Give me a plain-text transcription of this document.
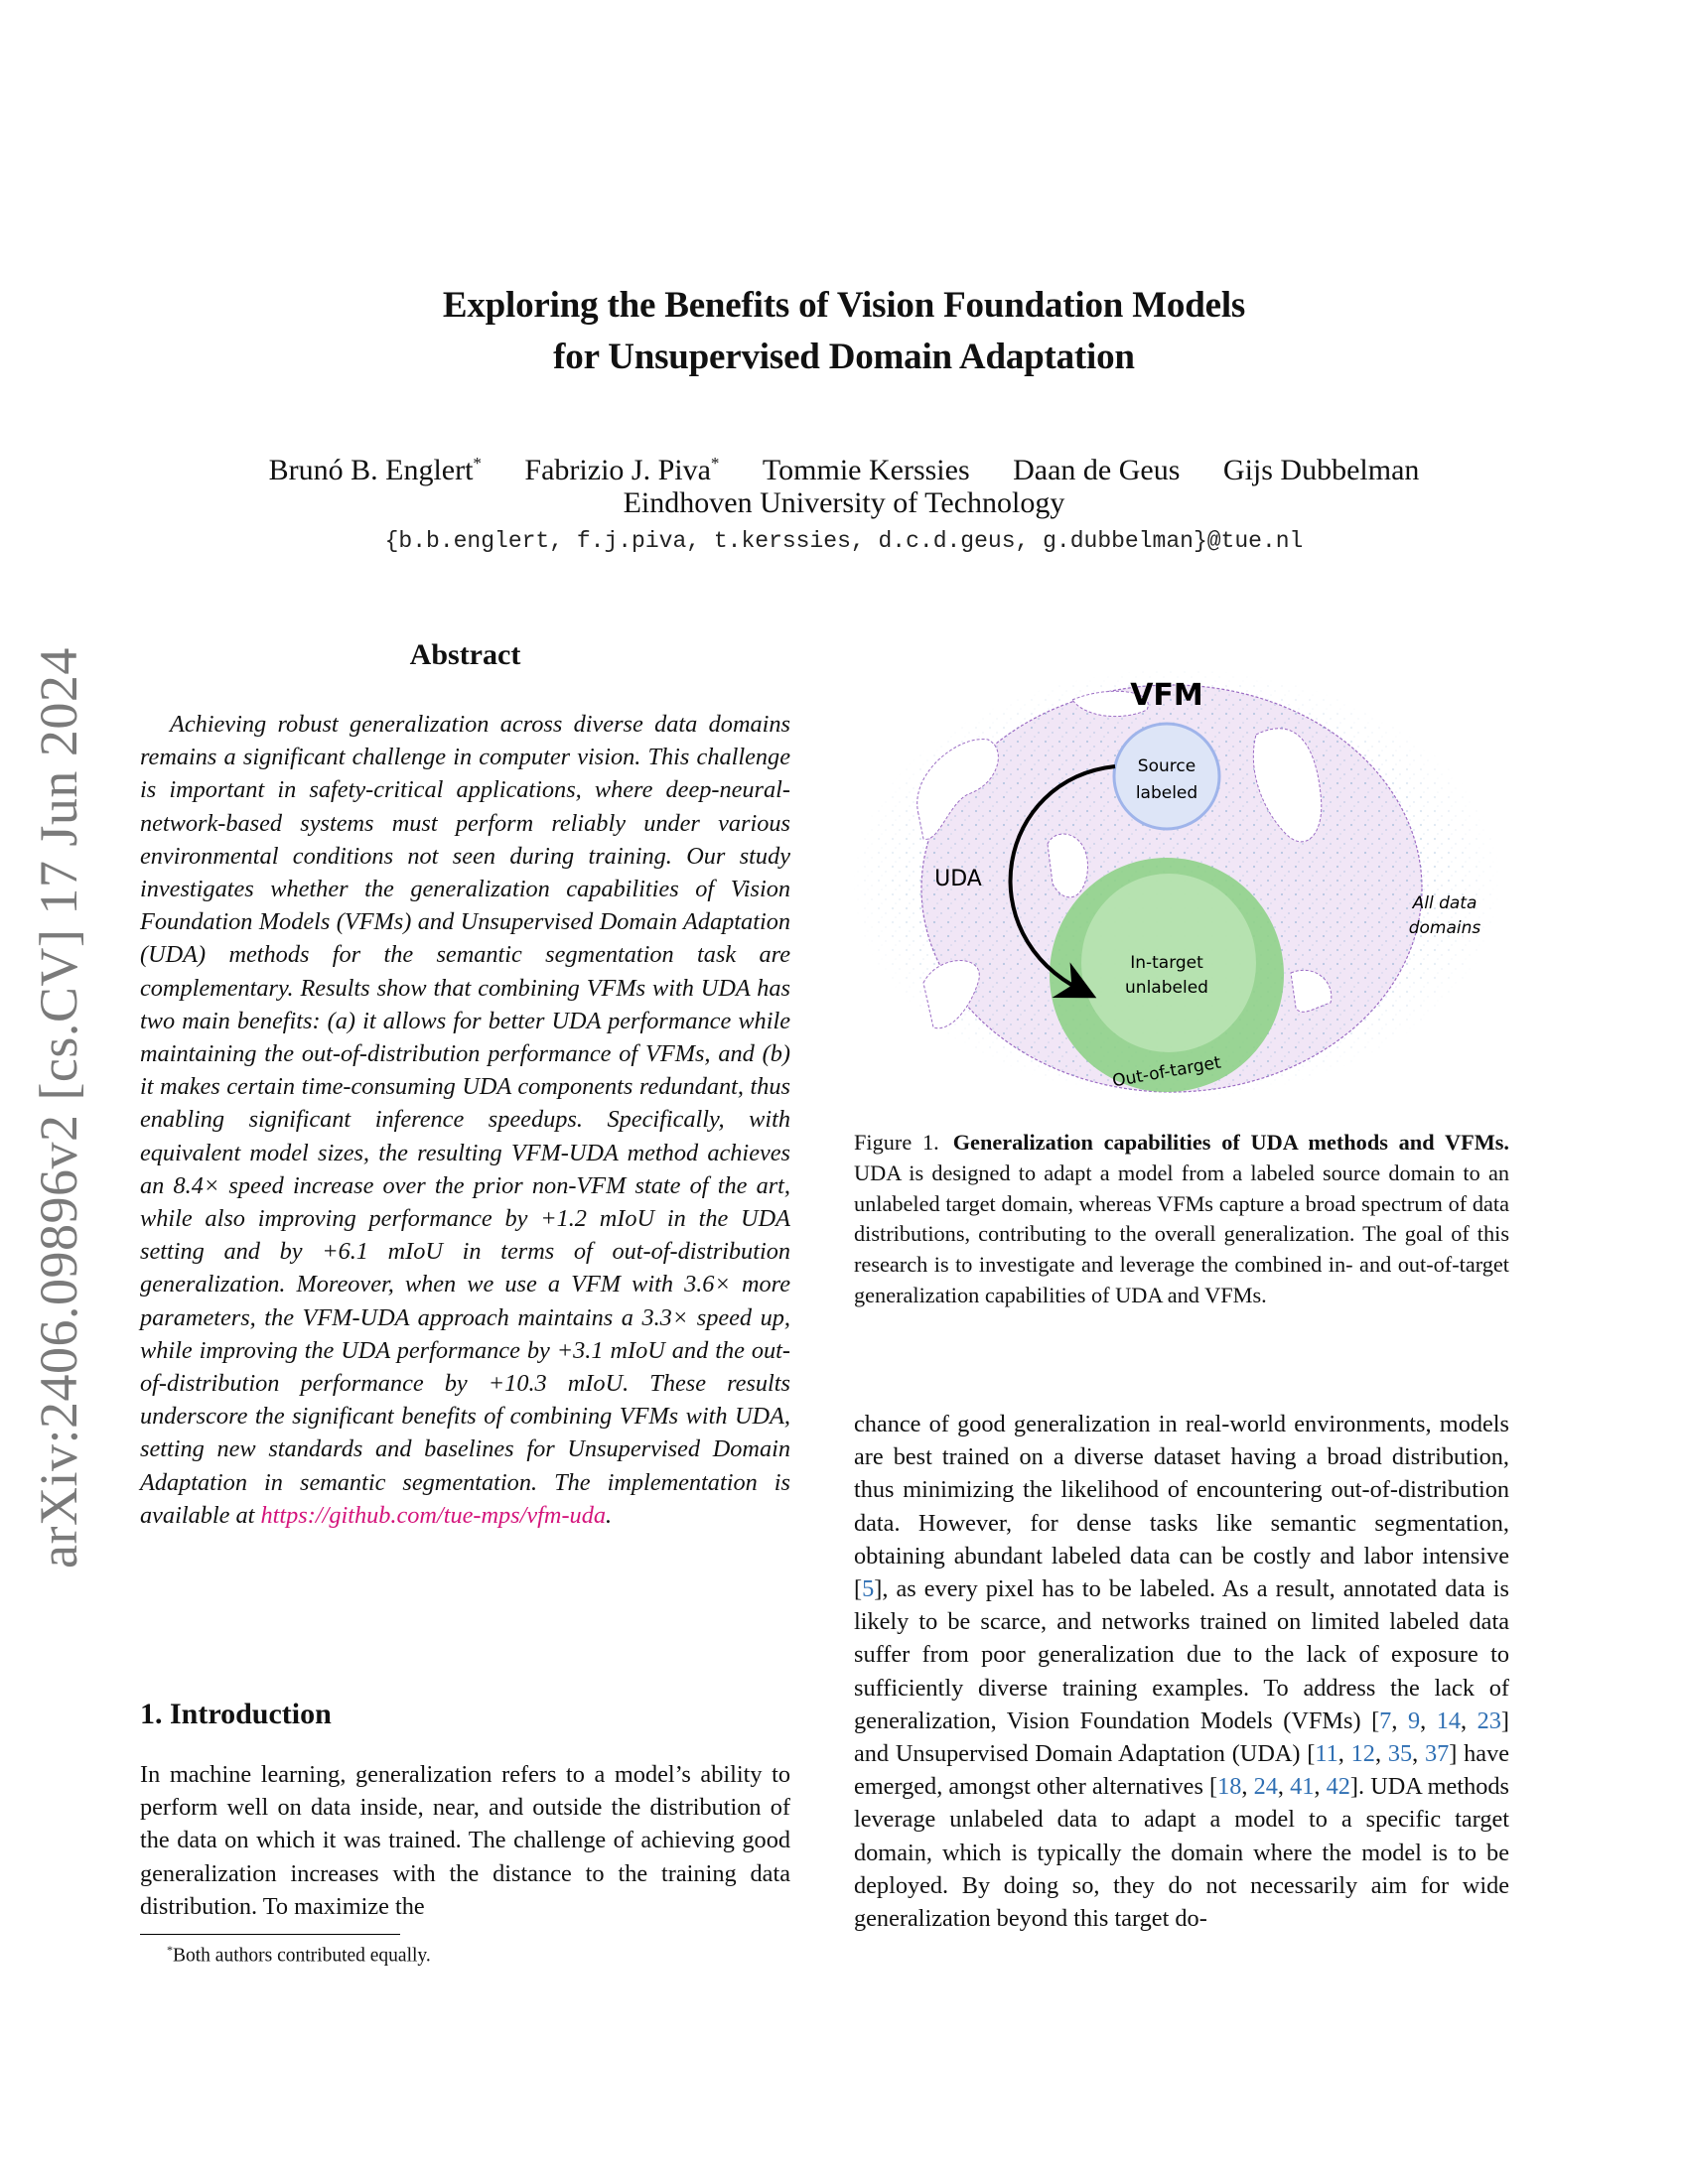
Exploring the Benefits of Vision Foundation Models
for Unsupervised Domain Adaptation
Brunó B. Englert* Fabrizio J. Piva* Tommie Kerssies Daan de Geus Gijs Dubbelman
Eindhoven University of Technology
{b.b.englert, f.j.piva, t.kerssies, d.c.d.geus, g.dubbelman}@tue.nl
arXiv:2406.09896v2 [cs.CV] 17 Jun 2024	Abstract

Achieving robust generalization across diverse data domains remains a significant challenge in computer vision. This challenge is important in safety-critical applications, where deep-neural-network-based systems must perform reliably under various environmental conditions not seen during training. Our study investigates whether the generalization capabilities of Vision Foundation Models (VFMs) and Unsupervised Domain Adaptation (UDA) methods for the semantic segmentation task are complementary. Results show that combining VFMs with UDA has two main benefits: (a) it allows for better UDA performance while maintaining the out-of-distribution performance of VFMs, and (b) it makes certain time-consuming UDA components redundant, thus enabling significant inference speedups. Specifically, with equivalent model sizes, the resulting VFM-UDA method achieves an 8.4× speed increase over the prior non-VFM state of the art, while also improving performance by +1.2 mIoU in the UDA setting and by +6.1 mIoU in terms of out-of-distribution generalization. Moreover, when we use a VFM with 3.6× more parameters, the VFM-UDA approach maintains a 3.3× speed up, while improving the UDA performance by +3.1 mIoU and the out-of-distribution performance by +10.3 mIoU. These results underscore the significant benefits of combining VFMs with UDA, setting new standards and baselines for Unsupervised Domain Adaptation in semantic segmentation. The implementation is available at https://github.com/tue-mps/vfm-uda.

1. Introduction

In machine learning, generalization refers to a model’s ability to perform well on data inside, near, and outside the distribution of the data on which it was trained. The challenge of achieving good generalization increases with the distance to the training data distribution. To maximize the

*Both authors contributed equally.
VFM
Source
labeled
UDA
In-target
unlabeled
Out-of-target
All data
domains
Figure 1. Generalization capabilities of UDA methods and VFMs. UDA is designed to adapt a model from a labeled source domain to an unlabeled target domain, whereas VFMs capture a broad spectrum of data distributions, contributing to the overall generalization. The goal of this research is to investigate and leverage the combined in- and out-of-target generalization capabilities of UDA and VFMs.

chance of good generalization in real-world environments, models are best trained on a diverse dataset having a broad distribution, thus minimizing the likelihood of encountering out-of-distribution data. However, for dense tasks like semantic segmentation, obtaining abundant labeled data can be costly and labor intensive [5], as every pixel has to be labeled. As a result, annotated data is likely to be scarce, and networks trained on limited labeled data suffer from poor generalization due to the lack of exposure to sufficiently diverse training examples. To address the lack of generalization, Vision Foundation Models (VFMs) [7, 9, 14, 23] and Unsupervised Domain Adaptation (UDA) [11, 12, 35, 37] have emerged, amongst other alternatives [18, 24, 41, 42]. UDA methods leverage unlabeled data to adapt a model to a specific target domain, which is typically the domain where the model is to be deployed. By doing so, they do not necessarily aim for wide generalization beyond this target do-
